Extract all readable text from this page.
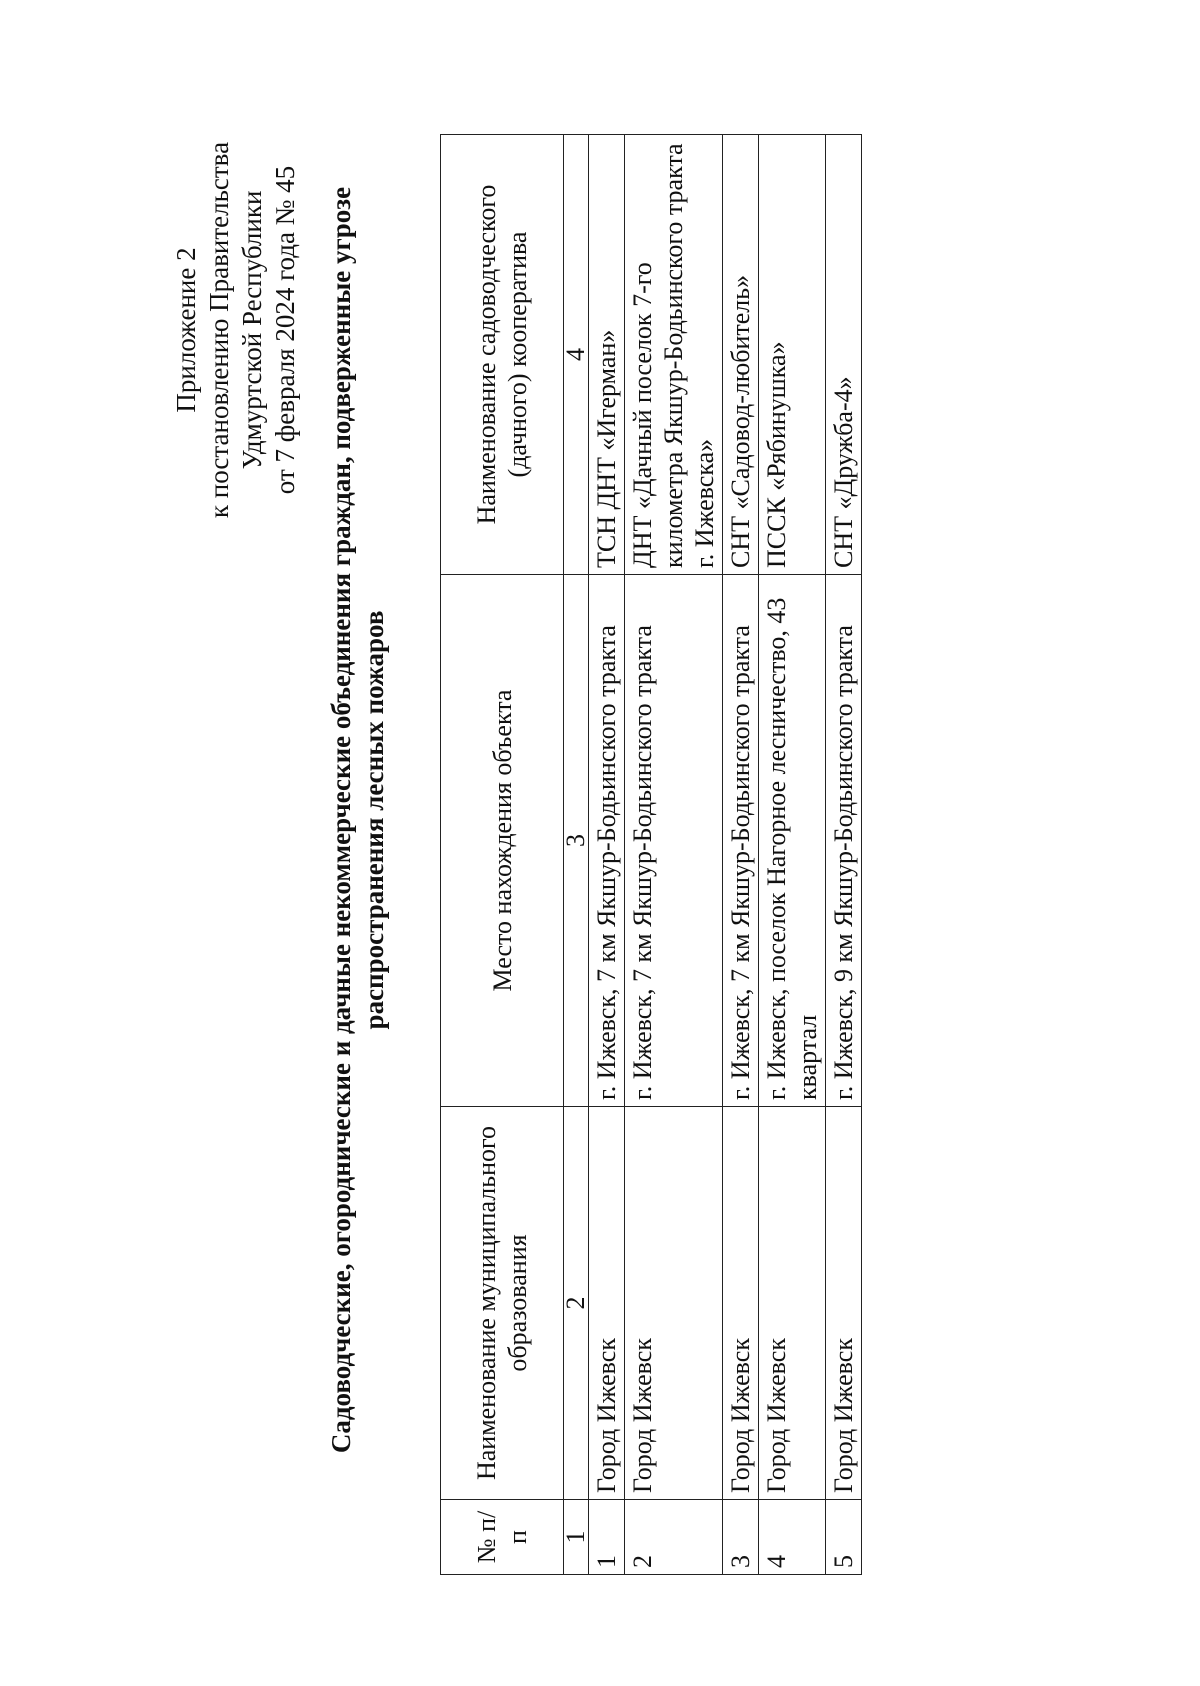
Приложение 2 к постановлению Правительства Удмуртской Республики от 7 февраля 2024 года № 45 Садоводческие, огороднические и дачные некоммерческие объединения граждан, подверженные угрозе распространения лесных пожаров
№ п/п	Наименование муниципального образования	Место нахождения объекта	Наименование садоводческого (дачного) кооператива
1	2	3	4
1	Город Ижевск	г. Ижевск, 7 км Якшур-Бодьинского тракта	ТСН ДНТ «Игерман»
2	Город Ижевск	г. Ижевск, 7 км Якшур-Бодьинского тракта	ДНТ «Дачный поселок 7-го километра Якшур-Бодьинского тракта г. Ижевска»
3	Город Ижевск	г. Ижевск, 7 км Якшур-Бодьинского тракта	СНТ «Садовод-любитель»
4	Город Ижевск	г. Ижевск, поселок Нагорное лесничество, 43 квартал	ПССК «Рябинушка»
5	Город Ижевск	г. Ижевск, 9 км Якшур-Бодьинского тракта	СНТ «Дружба-4»
